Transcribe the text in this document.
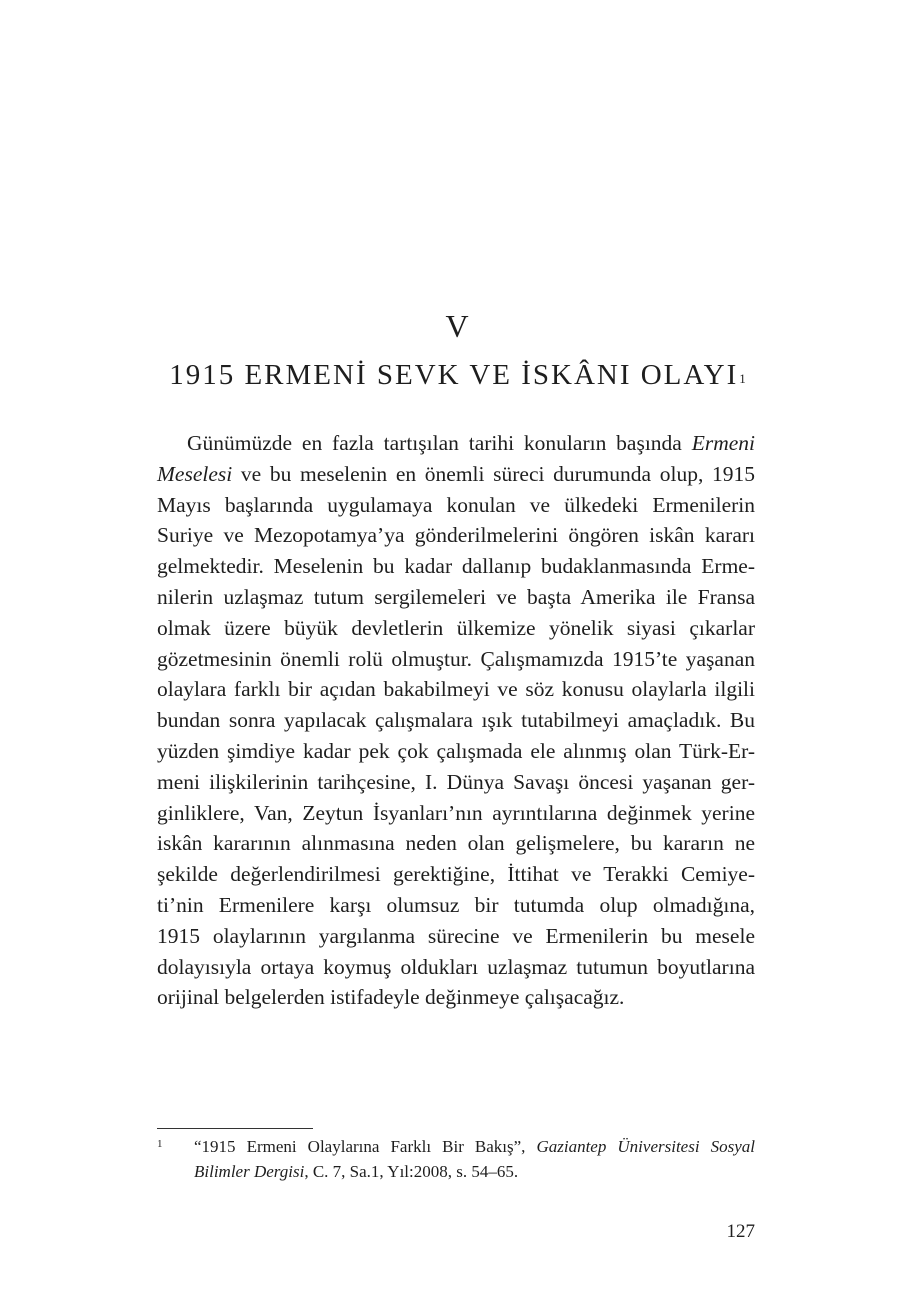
V
1915 ERMENİ SEVK VE İSKÂNI OLAYI$^1$
Günümüzde en fazla tartışılan tarihi konuların başında Ermeni
Meselesi ve bu meselenin en önemli süreci durumunda olup, 1915
Mayıs başlarında uygulamaya konulan ve ülkedeki Ermenilerin
Suriye ve Mezopotamya’ya gönderilmelerini öngören iskân kararı
gelmektedir. Meselenin bu kadar dallanıp budaklanmasında Erme-
nilerin uzlaşmaz tutum sergilemeleri ve başta Amerika ile Fransa
olmak üzere büyük devletlerin ülkemize yönelik siyasi çıkarlar
gözetmesinin önemli rolü olmuştur. Çalışmamızda 1915’te yaşanan
olaylara farklı bir açıdan bakabilmeyi ve söz konusu olaylarla ilgili
bundan sonra yapılacak çalışmalara ışık tutabilmeyi amaçladık. Bu
yüzden şimdiye kadar pek çok çalışmada ele alınmış olan Türk-Er-
meni ilişkilerinin tarihçesine, I. Dünya Savaşı öncesi yaşanan ger-
ginliklere, Van, Zeytun İsyanları’nın ayrıntılarına değinmek yerine
iskân kararının alınmasına neden olan gelişmelere, bu kararın ne
şekilde değerlendirilmesi gerektiğine, İttihat ve Terakki Cemiye-
ti’nin Ermenilere karşı olumsuz bir tutumda olup olmadığına,
1915 olaylarının yargılanma sürecine ve Ermenilerin bu mesele
dolayısıyla ortaya koymuş oldukları uzlaşmaz tutumun boyutlarına
orijinal belgelerden istifadeyle değinmeye çalışacağız.
1 “1915 Ermeni Olaylarına Farklı Bir Bakış”, Gaziantep Üniversitesi Sosyal
Bilimler Dergisi, C. 7, Sa.1, Yıl:2008, s. 54–65.
127
